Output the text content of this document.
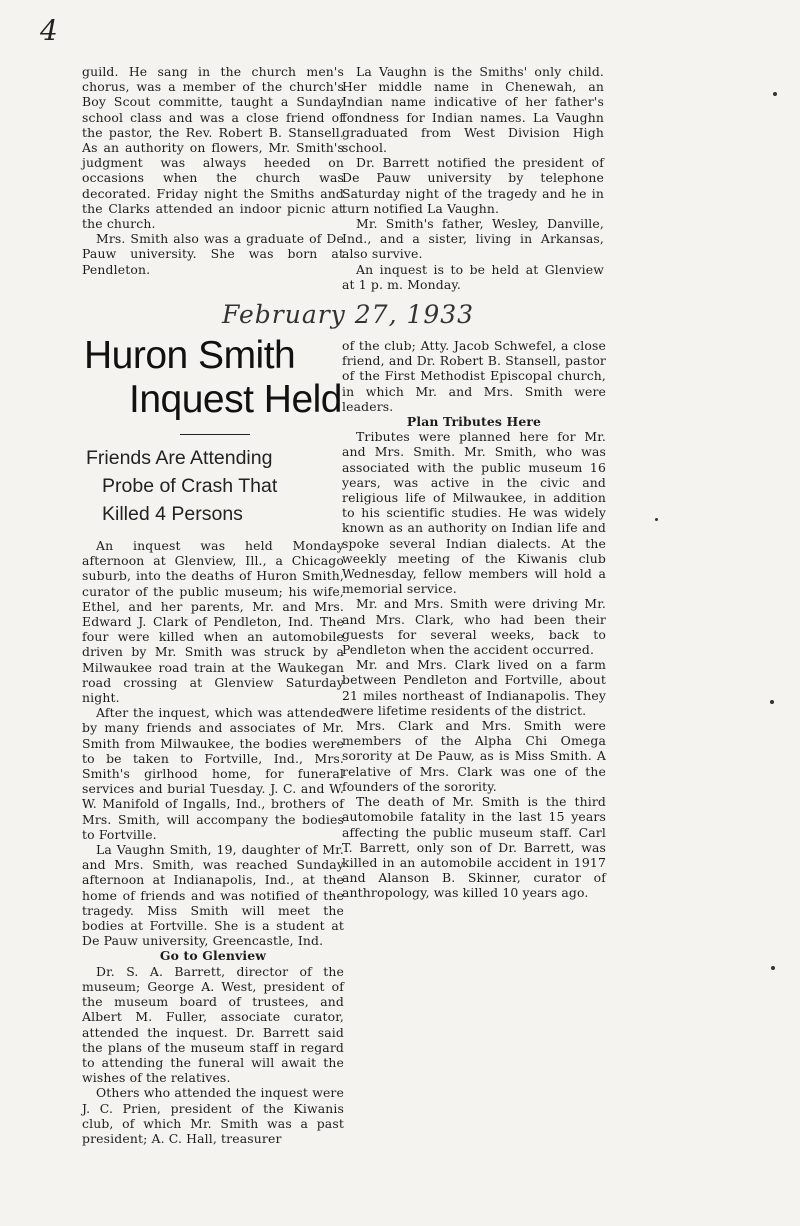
4

guild. He sang in the church men's chorus, was a member of the church's Boy Scout committe, taught a Sunday school class and was a close friend of the pastor, the Rev. Robert B. Stansell. As an authority on flowers, Mr. Smith's judgment was always heeded on occasions when the church was decorated. Friday night the Smiths and the Clarks attended an indoor picnic at the church.

Mrs. Smith also was a graduate of De Pauw university. She was born at Pendleton.

La Vaughn is the Smiths' only child. Her middle name in Chenewah, an Indian name indicative of her father's fondness for Indian names. La Vaughn graduated from West Division High school.

Dr. Barrett notified the president of De Pauw university by telephone Saturday night of the tragedy and he in turn notified La Vaughn.

Mr. Smith's father, Wesley, Danville, Ind., and a sister, living in Arkansas, also survive.

An inquest is to be held at Glenview at 1 p. m. Monday.

February 27, 1933
Huron Smith
Inquest Held
Friends Are Attending
Probe of Crash That
Killed 4 Persons

An inquest was held Monday afternoon at Glenview, Ill., a Chicago suburb, into the deaths of Huron Smith, curator of the public museum; his wife, Ethel, and her parents, Mr. and Mrs. Edward J. Clark of Pendleton, Ind. The four were killed when an automobile driven by Mr. Smith was struck by a Milwaukee road train at the Waukegan road crossing at Glenview Saturday night.

After the inquest, which was attended by many friends and associates of Mr. Smith from Milwaukee, the bodies were to be taken to Fortville, Ind., Mrs. Smith's girlhood home, for funeral services and burial Tuesday. J. C. and W. W. Manifold of Ingalls, Ind., brothers of Mrs. Smith, will accompany the bodies to Fortville.

La Vaughn Smith, 19, daughter of Mr. and Mrs. Smith, was reached Sunday afternoon at Indianapolis, Ind., at the home of friends and was notified of the tragedy. Miss Smith will meet the bodies at Fortville. She is a student at De Pauw university, Greencastle, Ind.

Go to Glenview

Dr. S. A. Barrett, director of the museum; George A. West, president of the museum board of trustees, and Albert M. Fuller, associate curator, attended the inquest. Dr. Barrett said the plans of the museum staff in regard to attending the funeral will await the wishes of the relatives.

Others who attended the inquest were J. C. Prien, president of the Kiwanis club, of which Mr. Smith was a past president; A. C. Hall, treasurer

of the club; Atty. Jacob Schwefel, a close friend, and Dr. Robert B. Stansell, pastor of the First Methodist Episcopal church, in which Mr. and Mrs. Smith were leaders.

Plan Tributes Here

Tributes were planned here for Mr. and Mrs. Smith. Mr. Smith, who was associated with the public museum 16 years, was active in the civic and religious life of Milwaukee, in addition to his scientific studies. He was widely known as an authority on Indian life and spoke several Indian dialects. At the weekly meeting of the Kiwanis club Wednesday, fellow members will hold a memorial service.

Mr. and Mrs. Smith were driving Mr. and Mrs. Clark, who had been their guests for several weeks, back to Pendleton when the accident occurred.

Mr. and Mrs. Clark lived on a farm between Pendleton and Fortville, about 21 miles northeast of Indianapolis. They were lifetime residents of the district.

Mrs. Clark and Mrs. Smith were members of the Alpha Chi Omega sorority at De Pauw, as is Miss Smith. A relative of Mrs. Clark was one of the founders of the sorority.

The death of Mr. Smith is the third automobile fatality in the last 15 years affecting the public museum staff. Carl T. Barrett, only son of Dr. Barrett, was killed in an automobile accident in 1917 and Alanson B. Skinner, curator of anthropology, was killed 10 years ago.
